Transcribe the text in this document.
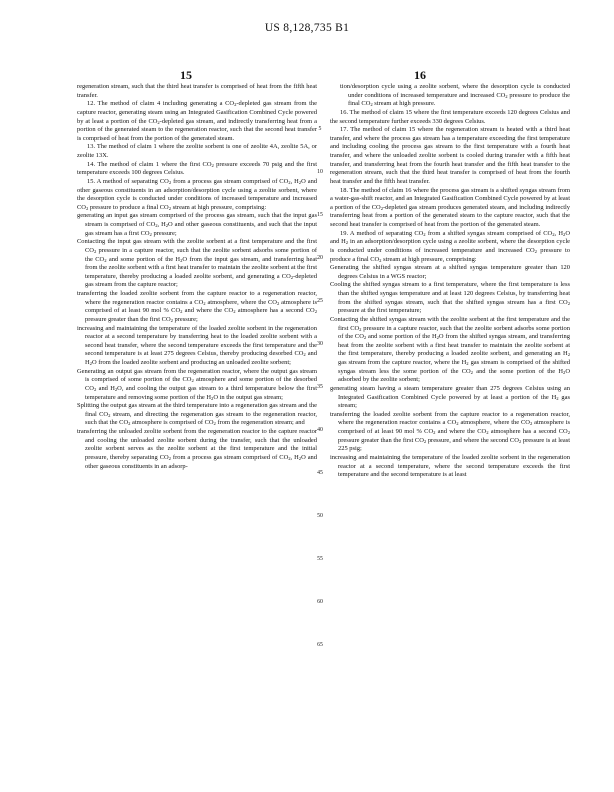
US 8,128,735 B1
15	16

regeneration stream, such that the third heat transfer is comprised of heat from the fifth heat transfer.

12. The method of claim 4 including generating a $CO_2$-depleted gas stream from the capture reactor, generating steam using an Integrated Gasification Combined Cycle powered by at least a portion of the $CO_2$-depleted gas stream, and indirectly transferring heat from a portion of the generated steam to the regeneration reactor, such that the second heat transfer is comprised of heat from the portion of the generated steam.

13. The method of claim 1 where the zeolite sorbent is one of zeolite 4A, zeolite 5A, or zeolite 13X.

14. The method of claim 1 where the first $CO_2$ pressure exceeds 70 psig and the first temperature exceeds 100 degrees Celsius.

15. A method of separating $CO_2$ from a process gas stream comprised of $CO_2$, $H_2O$ and other gaseous constituents in an adsorption/desorption cycle using a zeolite sorbent, where the desorption cycle is conducted under conditions of increased temperature and increased $CO_2$ pressure to produce a final $CO_2$ stream at high pressure, comprising:

generating an input gas stream comprised of the process gas stream, such that the input gas stream is comprised of $CO_2$, $H_2O$ and other gaseous constituents, and such that the input gas stream has a first $CO_2$ pressure;

Contacting the input gas stream with the zeolite sorbent at a first temperature and the first $CO_2$ pressure in a capture reactor, such that the zeolite sorbent adsorbs some portion of the $CO_2$ and some portion of the $H_2O$ from the input gas stream, and transferring heat from the zeolite sorbent with a first heat transfer to maintain the zeolite sorbent at the first temperature, thereby producing a loaded zeolite sorbent, and generating a $CO_2$-depleted gas stream from the capture reactor;

transferring the loaded zeolite sorbent from the capture reactor to a regeneration reactor, where the regeneration reactor contains a $CO_2$ atmosphere, where the $CO_2$ atmosphere is comprised of at least 90 mol % $CO_2$ and where the $CO_2$ atmosphere has a second $CO_2$ pressure greater than the first $CO_2$ pressure;

increasing and maintaining the temperature of the loaded zeolite sorbent in the regeneration reactor at a second temperature by transferring heat to the loaded zeolite sorbent with a second heat transfer, where the second temperature exceeds the first temperature and the second temperature is at least 275 degrees Celsius, thereby producing desorbed $CO_2$ and $H_2O$ from the loaded zeolite sorbent and producing an unloaded zeolite sorbent;

Generating an output gas stream from the regeneration reactor, where the output gas stream is comprised of some portion of the $CO_2$ atmosphere and some portion of the desorbed $CO_2$ and $H_2O$, and cooling the output gas stream to a third temperature below the first temperature and removing some portion of the $H_2O$ in the output gas stream;

Splitting the output gas stream at the third temperature into a regeneration gas stream and the final $CO_2$ stream, and directing the regeneration gas stream to the regeneration reactor, such that the $CO_2$ atmosphere is comprised of $CO_2$ from the regeneration stream; and

transferring the unloaded zeolite sorbent from the regeneration reactor to the capture reactor and cooling the unloaded zeolite sorbent during the transfer, such that the unloaded zeolite sorbent serves as the zeolite sorbent at the first temperature and the initial pressure, thereby separating $CO_2$ from a process gas stream comprised of $CO_2$, $H_2O$ and other gaseous constituents in an adsorp-

5
10
15
20
25
30
35
40
45
50
55
60
65

tion/desorption cycle using a zeolite sorbent, where the desorption cycle is conducted under conditions of increased temperature and increased $CO_2$ pressure to produce the final $CO_2$ stream at high pressure.

16. The method of claim 15 where the first temperature exceeds 120 degrees Celsius and the second temperature further exceeds 330 degrees Celsius.

17. The method of claim 15 where the regeneration stream is heated with a third heat transfer, and where the process gas stream has a temperature exceeding the first temperature and including cooling the process gas stream to the first temperature with a fourth heat transfer, and where the unloaded zeolite sorbent is cooled during transfer with a fifth heat transfer, and transferring heat from the fourth heat transfer and the fifth heat transfer to the regeneration stream, such that the third heat transfer is comprised of heat from the fourth heat transfer and the fifth heat transfer.

18. The method of claim 16 where the process gas stream is a shifted syngas stream from a water-gas-shift reactor, and an Integrated Gasification Combined Cycle powered by at least a portion of the $CO_2$-depleted gas stream produces generated steam, and including indirectly transferring heat from a portion of the generated steam to the capture reactor, such that the second heat transfer is comprised of heat from the portion of the generated steam.

19. A method of separating $CO_2$ from a shifted syngas stream comprised of $CO_2$, $H_2O$ and $H_2$ in an adsorption/desorption cycle using a zeolite sorbent, where the desorption cycle is conducted under conditions of increased temperature and increased $CO_2$ pressure to produce a final $CO_2$ stream at high pressure, comprising:

Generating the shifted syngas stream at a shifted syngas temperature greater than 120 degrees Celsius in a WGS reactor;

Cooling the shifted syngas stream to a first temperature, where the first temperature is less than the shifted syngas temperature and at least 120 degrees Celsius, by transferring heat from the shifted syngas stream, such that the shifted syngas stream has a first $CO_2$ pressure at the first temperature;

Contacting the shifted syngas stream with the zeolite sorbent at the first temperature and the first $CO_2$ pressure in a capture reactor, such that the zeolite sorbent adsorbs some portion of the $CO_2$ and some portion of the $H_2O$ from the shifted syngas stream, and transferring heat from the zeolite sorbent with a first heat transfer to maintain the zeolite sorbent at the first temperature, thereby producing a loaded zeolite sorbent, and generating an $H_2$ gas stream from the capture reactor, where the $H_2$ gas stream is comprised of the shifted syngas stream less the some portion of the $CO_2$ and the some portion of the $H_2O$ adsorbed by the zeolite sorbent;

generating steam having a steam temperature greater than 275 degrees Celsius using an Integrated Gasification Combined Cycle powered by at least a portion of the $H_2$ gas stream;

transferring the loaded zeolite sorbent from the capture reactor to a regeneration reactor, where the regeneration reactor contains a $CO_2$ atmosphere, where the $CO_2$ atmosphere is comprised of at least 90 mol % $CO_2$ and where the $CO_2$ atmosphere has a second $CO_2$ pressure greater than the first $CO_2$ pressure, and where the second $CO_2$ pressure is at least 225 psig;

increasing and maintaining the temperature of the loaded zeolite sorbent in the regeneration reactor at a second temperature, where the second temperature exceeds the first temperature and the second temperature is at least
